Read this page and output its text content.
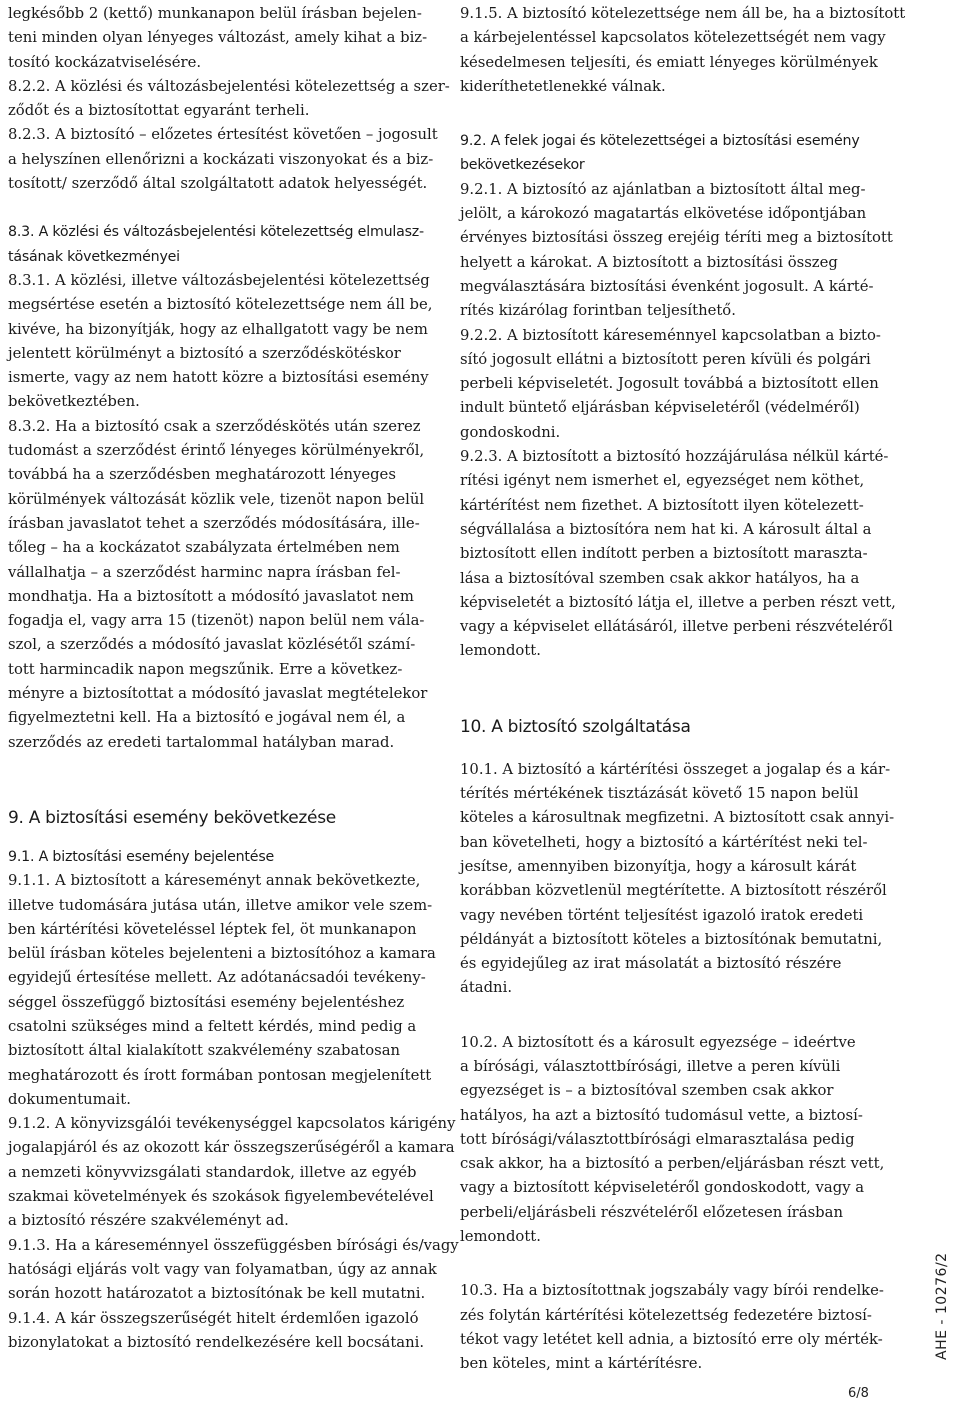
legkésőbb 2 (kettő) munkanapon belül írásban bejelen-
teni minden olyan lényeges változást, amely kihat a biz-
tosító kockázatviselésére.
8.2.2. A közlési és változásbejelentési kötelezettség a szer-
ződőt és a biztosítottat egyaránt terheli.
8.2.3. A biztosító – előzetes értesítést követően – jogosult
a helyszínen ellenőrizni a kockázati viszonyokat és a biz-
tosított/ szerződő által szolgáltatott adatok helyességét.
8.3. A közlési és változásbejelentési kötelezettség elmulasz-
tásának következményei
8.3.1. A közlési, illetve változásbejelentési kötelezettség
megsértése esetén a biztosító kötelezettsége nem áll be,
kivéve, ha bizonyítják, hogy az elhallgatott vagy be nem
jelentett körülményt a biztosító a szerződéskötéskor
ismerte, vagy az nem hatott közre a biztosítási esemény
bekövetkeztében.
8.3.2. Ha a biztosító csak a szerződéskötés után szerez
tudomást a szerződést érintő lényeges körülményekről,
továbbá ha a szerződésben meghatározott lényeges
körülmények változását közlik vele, tizenöt napon belül
írásban javaslatot tehet a szerződés módosítására, ille-
tőleg – ha a kockázatot szabályzata értelmében nem
vállalhatja – a szerződést harminc napra írásban fel-
mondhatja. Ha a biztosított a módosító javaslatot nem
fogadja el, vagy arra 15 (tizenöt) napon belül nem vála-
szol, a szerződés a módosító javaslat közlésétől számí-
tott harmincadik napon megszűnik. Erre a következ-
ményre a biztosítottat a módosító javaslat megtételekor
figyelmeztetni kell. Ha a biztosító e jogával nem él, a
szerződés az eredeti tartalommal hatályban marad.
9. A biztosítási esemény bekövetkezése
9.1. A biztosítási esemény bejelentése
9.1.1. A biztosított a káreseményt annak bekövetkezte,
illetve tudomására jutása után, illetve amikor vele szem-
ben kártérítési követeléssel léptek fel, öt munkanapon
belül írásban köteles bejelenteni a biztosítóhoz a kamara
egyidejű értesítése mellett. Az adótanácsadói tevékeny-
séggel összefüggő biztosítási esemény bejelentéshez
csatolni szükséges mind a feltett kérdés, mind pedig a
biztosított által kialakított szakvélemény szabatosan
meghatározott és írott formában pontosan megjelenített
dokumentumait.
9.1.2. A könyvizsgálói tevékenységgel kapcsolatos kárigény
jogalapjáról és az okozott kár összegszerűségéről a kamara
a nemzeti könyvvizsgálati standardok, illetve az egyéb
szakmai követelmények és szokások figyelembevételével
a biztosító részére szakvéleményt ad.
9.1.3. Ha a káreseménnyel összefüggésben bírósági és/vagy
hatósági eljárás volt vagy van folyamatban, úgy az annak
során hozott határozatot a biztosítónak be kell mutatni.
9.1.4. A kár összegszerűségét hitelt érdemlően igazoló
bizonylatokat a biztosító rendelkezésére kell bocsátani.
9.1.5. A biztosító kötelezettsége nem áll be, ha a biztosított
a kárbejelentéssel kapcsolatos kötelezettségét nem vagy
késedelmesen teljesíti, és emiatt lényeges körülmények
kideríthetetlenekké válnak.
9.2. A felek jogai és kötelezettségei a biztosítási esemény
bekövetkezésekor
9.2.1. A biztosító az ajánlatban a biztosított által meg-
jelölt, a károkozó magatartás elkövetése időpontjában
érvényes biztosítási összeg erejéig téríti meg a biztosított
helyett a károkat. A biztosított a biztosítási összeg
megválasztására biztosítási évenként jogosult. A kárté-
rítés kizárólag forintban teljesíthető.
9.2.2. A biztosított káreseménnyel kapcsolatban a bizto-
sító jogosult ellátni a biztosított peren kívüli és polgári
perbeli képviseletét. Jogosult továbbá a biztosított ellen
indult büntető eljárásban képviseletéről (védelméről)
gondoskodni.
9.2.3. A biztosított a biztosító hozzájárulása nélkül kárté-
rítési igényt nem ismerhet el, egyezséget nem köthet,
kártérítést nem fizethet. A biztosított ilyen kötelezett-
ségvállalása a biztosítóra nem hat ki. A károsult által a
biztosított ellen indított perben a biztosított maraszta-
lása a biztosítóval szemben csak akkor hatályos, ha a
képviseletét a biztosító látja el, illetve a perben részt vett,
vagy a képviselet ellátásáról, illetve perbeni részvételéről
lemondott.
10. A biztosító szolgáltatása
10.1. A biztosító a kártérítési összeget a jogalap és a kár-
térítés mértékének tisztázását követő 15 napon belül
köteles a károsultnak megfizetni. A biztosított csak annyi-
ban követelheti, hogy a biztosító a kártérítést neki tel-
jesítse, amennyiben bizonyítja, hogy a károsult kárát
korábban közvetlenül megtérítette. A biztosított részéről
vagy nevében történt teljesítést igazoló iratok eredeti
példányát a biztosított köteles a biztosítónak bemutatni,
és egyidejűleg az irat másolatát a biztosító részére
átadni.
10.2. A biztosított és a károsult egyezsége – ideértve
a bírósági, választottbírósági, illetve a peren kívüli
egyezséget is – a biztosítóval szemben csak akkor
hatályos, ha azt a biztosító tudomásul vette, a biztosí-
tott bírósági/választottbírósági elmarasztalása pedig
csak akkor, ha a biztosító a perben/eljárásban részt vett,
vagy a biztosított képviseletéről gondoskodott, vagy a
perbeli/eljárásbeli részvételéről előzetesen írásban
lemondott.
10.3. Ha a biztosítottnak jogszabály vagy bírói rendelke-
zés folytán kártérítési kötelezettség fedezetére biztosí-
tékot vagy letétet kell adnia, a biztosító erre oly mérték-
ben köteles, mint a kártérítésre.
AHE - 10276/2
6/8
